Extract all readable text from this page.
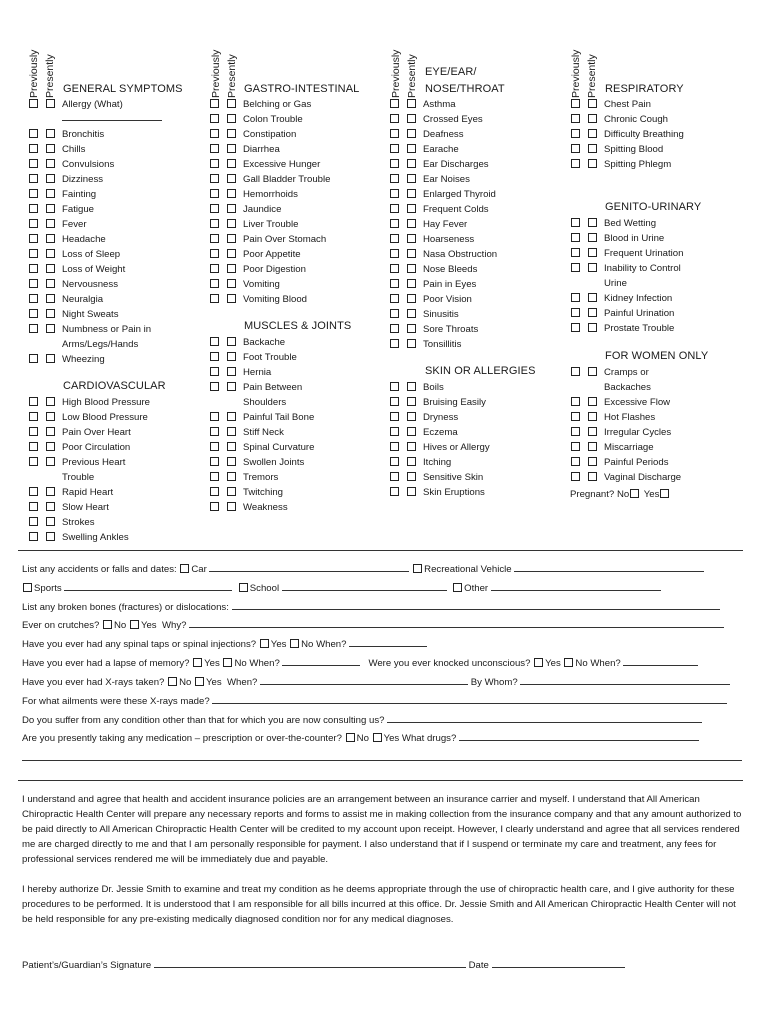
Previously Presently GENERAL SYMPTOMS
Allergy (What)
Bronchitis
Chills
Convulsions
Dizziness
Fainting
Fatigue
Fever
Headache
Loss of Sleep
Loss of Weight
Nervousness
Neuralgia
Night Sweats
Numbness or Pain in
Arms/Legs/Hands
Wheezing
CARDIOVASCULAR
High Blood Pressure
Low Blood Pressure
Pain Over Heart
Poor Circulation
Previous Heart
Trouble
Rapid Heart
Slow Heart
Strokes
Swelling Ankles
Previously Presently GASTRO-INTESTINAL
Belching or Gas
Colon Trouble
Constipation
Diarrhea
Excessive Hunger
Gall Bladder Trouble
Hemorrhoids
Jaundice
Liver Trouble
Pain Over Stomach
Poor Appetite
Poor Digestion
Vomiting
Vomiting Blood
MUSCLES & JOINTS
Backache
Foot Trouble
Hernia
Pain Between
Shoulders
Painful Tail Bone
Stiff Neck
Spinal Curvature
Swollen Joints
Tremors
Twitching
Weakness
Previously Presently EYE/EAR/
NOSE/THROAT
Asthma
Crossed Eyes
Deafness
Earache
Ear Discharges
Ear Noises
Enlarged Thyroid
Frequent Colds
Hay Fever
Hoarseness
Nasa Obstruction
Nose Bleeds
Pain in Eyes
Poor Vision
Sinusitis
Sore Throats
Tonsillitis
SKIN OR ALLERGIES
Boils
Bruising Easily
Dryness
Eczema
Hives or Allergy
Itching
Sensitive Skin
Skin Eruptions
Previously Presently RESPIRATORY
Chest Pain
Chronic Cough
Difficulty Breathing
Spitting Blood
Spitting Phlegm
GENITO-URINARY
Bed Wetting
Blood in Urine
Frequent Urination
Inability to Control
Urine
Kidney Infection
Painful Urination
Prostate Trouble
FOR WOMEN ONLY
Cramps or
Backaches
Excessive Flow
Hot Flashes
Irregular Cycles
Miscarriage
Painful Periods
Vaginal Discharge
Pregnant? No Yes
List any accidents or falls and dates: Car	Recreational Vehicle
Sports	School	Other
List any broken bones (fractures) or dislocations:
Ever on crutches? No Yes Why?
Have you ever had any spinal taps or spinal injections? Yes No When?
Have you ever had a lapse of memory? Yes No When?	Were you ever knocked unconscious? Yes No When?
Have you ever had X-rays taken? No Yes When?	By Whom?
For what ailments were these X-rays made?
Do you suffer from any condition other than that for which you are now consulting us?
Are you presently taking any medication – prescription or over-the-counter? No Yes What drugs?
I understand and agree that health and accident insurance policies are an arrangement between an insurance carrier and myself. I understand that All American Chiropractic Health Center will prepare any necessary reports and forms to assist me in making collection from the insurance company and that any amount authorized to be paid directly to All American Chiropractic Health Center will be credited to my account upon receipt. However, I clearly understand and agree that all services rendered me are charged directly to me and that I am personally responsible for payment. I also understand that if I suspend or terminate my care and treatment, any fees for professional services rendered me will be immediately due and payable.
I hereby authorize Dr. Jessie Smith to examine and treat my condition as he deems appropriate through the use of chiropractic health care, and I give authority for these procedures to be performed. It is understood that I am responsible for all bills incurred at this office. Dr. Jessie Smith and All American Chiropractic Health Center will not be held responsible for any pre-existing medically diagnosed condition nor for any medical diagnoses.
Patient’s/Guardian’s Signature	Date
